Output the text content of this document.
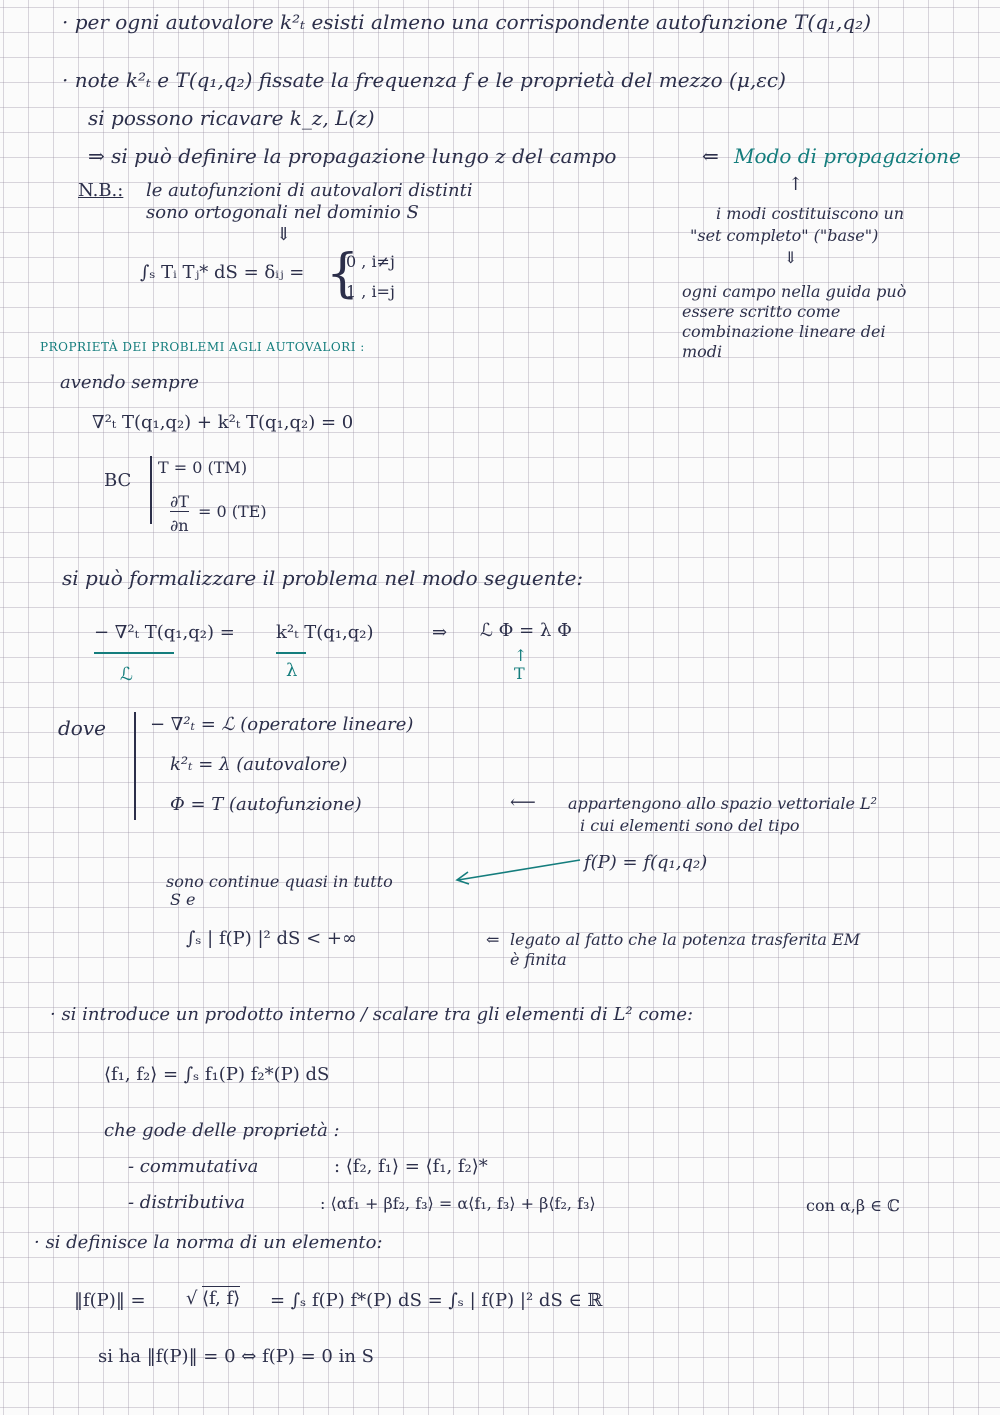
· per ogni autovalore k²ₜ esisti almeno una corrispondente autofunzione T(q₁,q₂)
· note k²ₜ e T(q₁,q₂) fissate la frequenza f e le proprietà del mezzo (μ,εc)
si possono ricavare k_z, L(z)
⇒ si può definire la propagazione lungo z del campo	⇐ Modo di propagazione
N.B.: le autofunzioni di autovalori distinti
sono ortogonali nel dominio S
⇓
∫ₛ Tᵢ Tⱼ* dS = δᵢⱼ = {
0 , i≠j
1 , i=j
↑
i modi costituiscono un
"set completo" ("base")
⇓
ogni campo nella guida può
essere scritto come
combinazione lineare dei
modi
PROPRIETÀ DEI PROBLEMI AGLI AUTOVALORI :
avendo sempre
∇²ₜ T(q₁,q₂) + k²ₜ T(q₁,q₂) = 0
BC
T = 0 (TM)
∂T
∂n
= 0 (TE)
si può formalizzare il problema nel modo seguente:
− ∇²ₜ T(q₁,q₂) =
ℒ
k²ₜ T(q₁,q₂)
λ
⇒ ℒ Φ = λ Φ
↑
T
dove − ∇²ₜ = ℒ (operatore lineare)
k²ₜ = λ (autovalore)
Φ = T (autofunzione)	⟵ appartengono allo spazio vettoriale L²
i cui elementi sono del tipo
f(P) = f(q₁,q₂)
sono continue quasi in tutto
S e
∫ₛ | f(P) |² dS < +∞	⇐ legato al fatto che la potenza trasferita EM
è finita
· si introduce un prodotto interno / scalare tra gli elementi di L² come:
⟨f₁, f₂⟩ = ∫ₛ f₁(P) f₂*(P) dS
che gode delle proprietà :
- commutativa	: ⟨f₂, f₁⟩ = ⟨f₁, f₂⟩*
- distributiva	: ⟨αf₁ + βf₂, f₃⟩ = α⟨f₁, f₃⟩ + β⟨f₂, f₃⟩	con α,β ∈ ℂ
· si definisce la norma di un elemento:
‖f(P)‖ = √ ⟨f, f⟩ = ∫ₛ f(P) f*(P) dS = ∫ₛ | f(P) |² dS ∈ ℝ
si ha ‖f(P)‖ = 0 ⇔ f(P) = 0 in S
